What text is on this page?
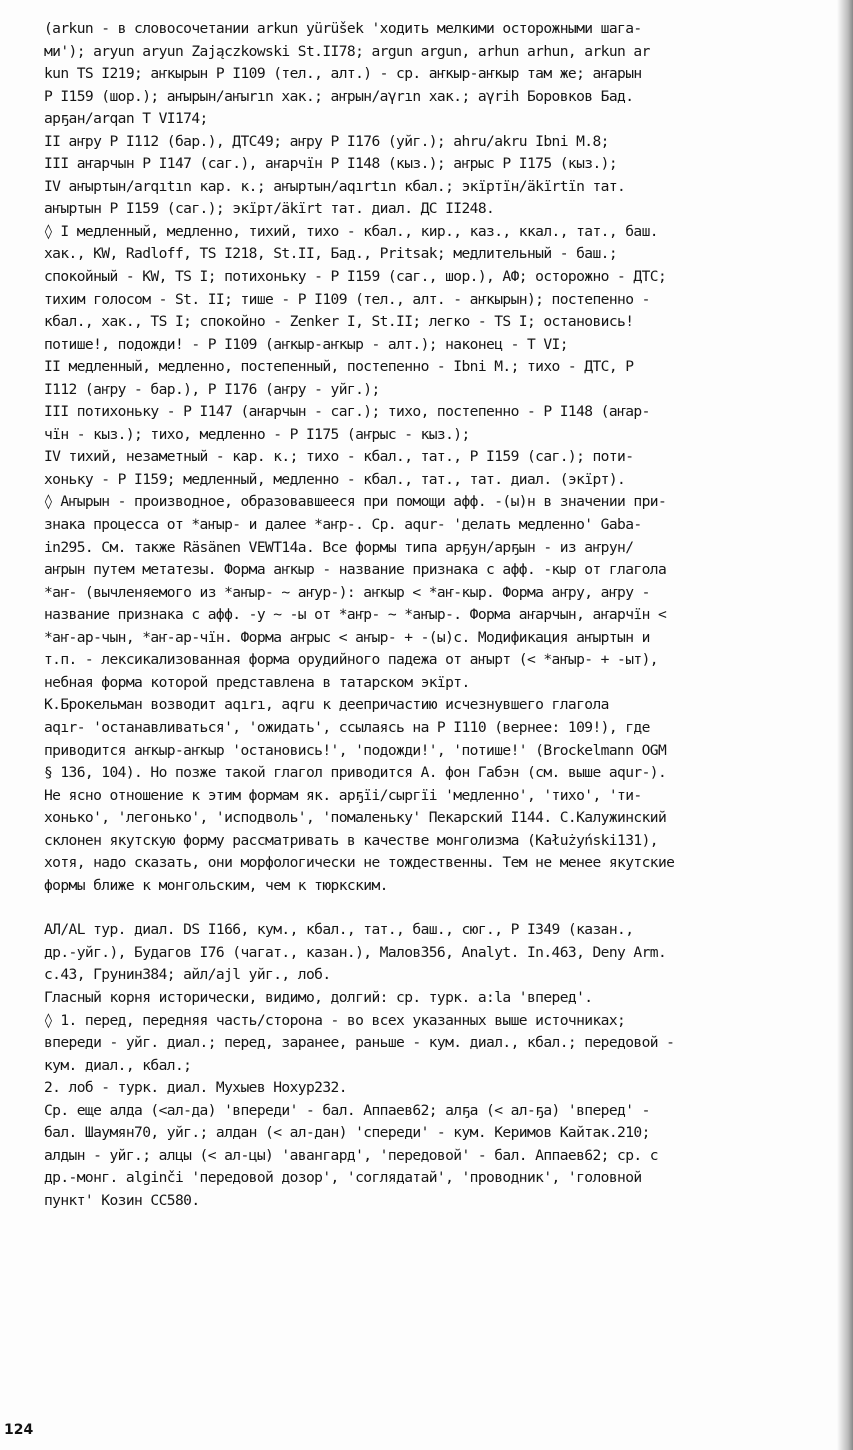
(arkun - в словосочетании arkun yürüšek 'ходить мелкими осторожными шага-
ми'); aryun aryun Zajączkowski St.II78; argun argun, arhun arhun, arkun ar
kun TS I219; аҥкырын P I109 (тел., алт.) - ср. аҥкыр-аҥкыр там же; аҥарын
P I159 (шор.); аҥырын/аҥыrın хак.; аҥрын/аγrın хак.; aγrih Боровков Бад.
арҕан/arqan T VI174;
II аҥру P I112 (бар.), ДТС49; аҥру P I176 (уйг.); ahru/akru Ibni M.8;
III аҥарчын P I147 (саг.), аҥарчїн P I148 (кыз.); аҥрыс P I175 (кыз.);
IV аҥыртын/arqıtın кар. к.; аҥыртын/aqırtın кбал.; экїртїн/äkïrtïn тат.
аҥыртын P I159 (саг.); экїрт/äkïrt тат. диал. ДС II248.
◊ I медленный, медленно, тихий, тихо - кбал., кир., каз., ккал., тат., баш.
хак., KW, Radloff, TS I218, St.II, Бад., Pritsak; медлительный - баш.;
спокойный - KW, TS I; потихоньку - P I159 (саг., шор.), АФ; осторожно - ДТС;
тихим голосом - St. II; тише - P I109 (тел., алт. - аҥкырын); постепенно -
кбал., хак., TS I; спокойно - Zenker I, St.II; легко - TS I; остановись!
потише!, подожди! - P I109 (аҥкыр-аҥкыр - алт.); наконец - T VI;
II медленный, медленно, постепенный, постепенно - Ibni M.; тихо - ДТС, P
I112 (аҥру - бар.), P I176 (аҥру - уйг.);
III потихоньку - P I147 (аҥарчын - саг.); тихо, постепенно - P I148 (аҥар-
чїн - кыз.); тихо, медленно - P I175 (аҥрыс - кыз.);
IV тихий, незаметный - кар. к.; тихо - кбал., тат., P I159 (саг.); поти-
хоньку - P I159; медленный, медленно - кбал., тат., тат. диал. (экїрт).
◊ Аҥырын - производное, образовавшееся при помощи афф. -(ы)н в значении при-
знака процесса от *аҥыр- и далее *аҥр-. Ср. aqur- 'делать медленно' Gaba-
in295. См. также Räsänen VEWT14a. Все формы типа арҕун/арҕын - из аҥрун/
аҥрын путем метатезы. Форма аҥкыр - название признака с афф. -кыр от глагола
*аҥ- (вычленяемого из *аҥыр- ~ аҥур-): аҥкыр < *аҥ-кыр. Форма аҥру, аҥру -
название признака с афф. -у ~ -ы от *аҥр- ~ *аҥыр-. Форма аҥарчын, аҥарчїн <
*аҥ-ар-чын, *аҥ-ар-чїн. Форма аҥрыс < аҥыр- + -(ы)с. Модификация аҥыртын и
т.п. - лексикализованная форма орудийного падежа от аҥырт (< *аҥыр- + -ыт),
небная форма которой представлена в татарском экїрт.
К.Брокельман возводит aqırı, aqru к деепричастию исчезнувшего глагола
aqır- 'останавливаться', 'ожидать', ссылаясь на P I110 (вернее: 109!), где
приводится аҥкыр-аҥкыр 'остановись!', 'подожди!', 'потише!' (Brockelmann OGM
§ 136, 104). Но позже такой глагол приводится А. фон Габэн (см. выше aqur-).
Не ясно отношение к этим формам як. арҕїі/сыргїі 'медленно', 'тихо', 'ти-
хонько', 'легонько', 'исподволь', 'помаленьку' Пекарский I144. С.Калужинский
склонен якутскую форму рассматривать в качестве монголизма (Kałużyński131),
хотя, надо сказать, они морфологически не тождественны. Тем не менее якутские
формы ближе к монгольским, чем к тюркским.
АЛ/AL тур. диал. DS I166, кум., кбал., тат., баш., сюг., P I349 (казан.,
др.-уйг.), Будагов I76 (чагат., казан.), Малов356, Analyt. In.463, Deny Arm.
c.43, Грунин384; айл/ajl уйг., лоб.
Гласный корня исторически, видимо, долгий: ср. турк. a:la 'вперед'.
◊ 1. перед, передняя часть/сторона - во всех указанных выше источниках;
впереди - уйг. диал.; перед, заранее, раньше - кум. диал., кбал.; передовой -
кум. диал., кбал.;
2. лоб - турк. диал. Мухыев Нохур232.
Ср. еще алда (<ал-да) 'впереди' - бал. Аппаев62; алҕа (< ал-ҕа) 'вперед' -
бал. Шаумян70, уйг.; алдан (< ал-дан) 'спереди' - кум. Керимов Кайтак.210;
алдын - уйг.; алцы (< ал-цы) 'авангард', 'передовой' - бал. Аппаев62; ср. с
др.-монг. alginči 'передовой дозор', 'соглядатай', 'проводник', 'головной
пункт' Козин СС580.
124
